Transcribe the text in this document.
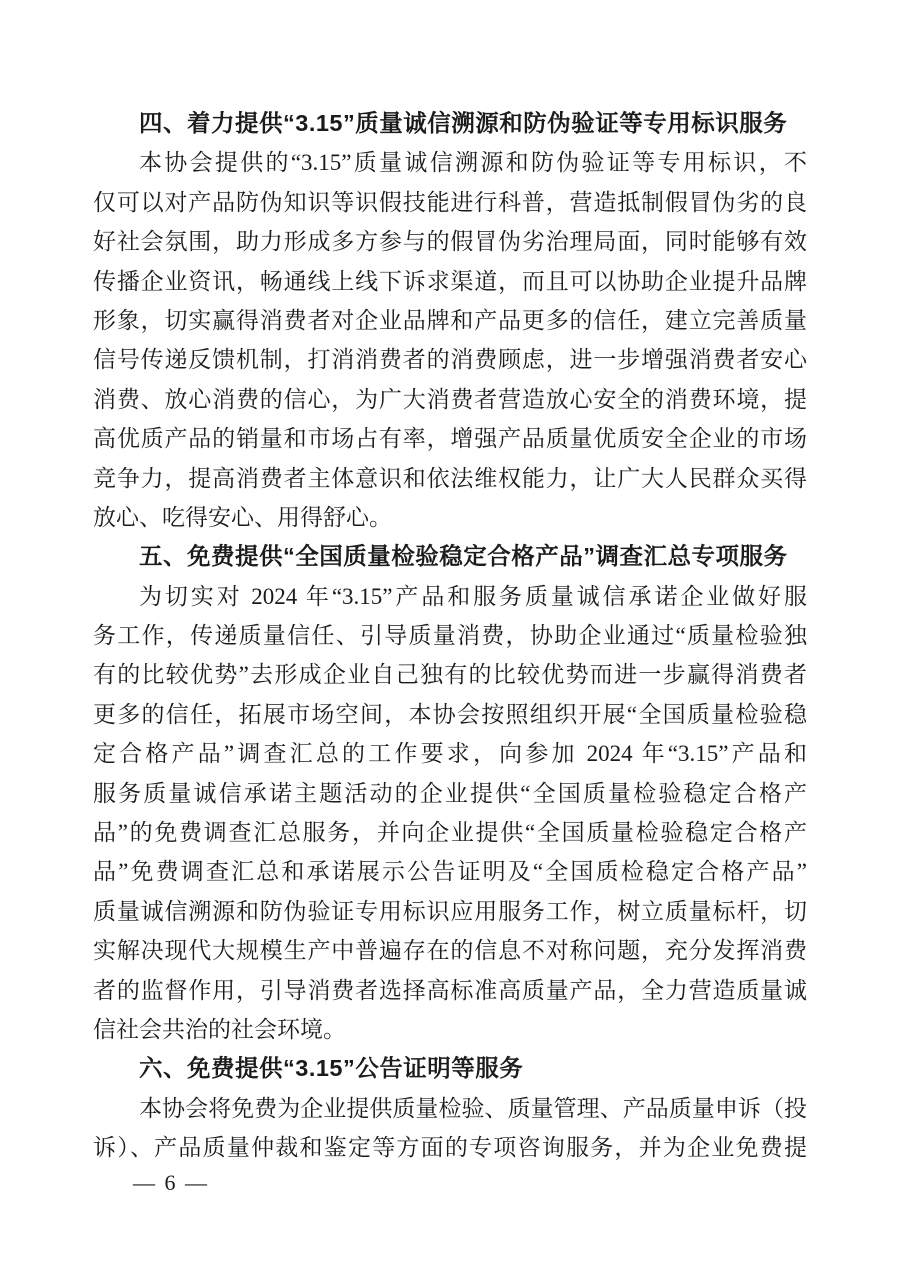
四、着力提供“3.15”质量诚信溯源和防伪验证等专用标识服务
本协会提供的“3.15”质量诚信溯源和防伪验证等专用标识，不
仅可以对产品防伪知识等识假技能进行科普，营造抵制假冒伪劣的良
好社会氛围，助力形成多方参与的假冒伪劣治理局面，同时能够有效
传播企业资讯，畅通线上线下诉求渠道，而且可以协助企业提升品牌
形象，切实赢得消费者对企业品牌和产品更多的信任，建立完善质量
信号传递反馈机制，打消消费者的消费顾虑，进一步增强消费者安心
消费、放心消费的信心，为广大消费者营造放心安全的消费环境，提
高优质产品的销量和市场占有率，增强产品质量优质安全企业的市场
竞争力，提高消费者主体意识和依法维权能力，让广大人民群众买得
放心、吃得安心、用得舒心。
五、免费提供“全国质量检验稳定合格产品”调查汇总专项服务
为切实对 2024 年“3.15”产品和服务质量诚信承诺企业做好服
务工作，传递质量信任、引导质量消费，协助企业通过“质量检验独
有的比较优势”去形成企业自己独有的比较优势而进一步赢得消费者
更多的信任，拓展市场空间，本协会按照组织开展“全国质量检验稳
定合格产品”调查汇总的工作要求，向参加 2024 年“3.15”产品和
服务质量诚信承诺主题活动的企业提供“全国质量检验稳定合格产
品”的免费调查汇总服务，并向企业提供“全国质量检验稳定合格产
品”免费调查汇总和承诺展示公告证明及“全国质检稳定合格产品”
质量诚信溯源和防伪验证专用标识应用服务工作，树立质量标杆，切
实解决现代大规模生产中普遍存在的信息不对称问题，充分发挥消费
者的监督作用，引导消费者选择高标准高质量产品，全力营造质量诚
信社会共治的社会环境。
六、免费提供“3.15”公告证明等服务
本协会将免费为企业提供质量检验、质量管理、产品质量申诉（投
诉）、产品质量仲裁和鉴定等方面的专项咨询服务，并为企业免费提
— 6 —
